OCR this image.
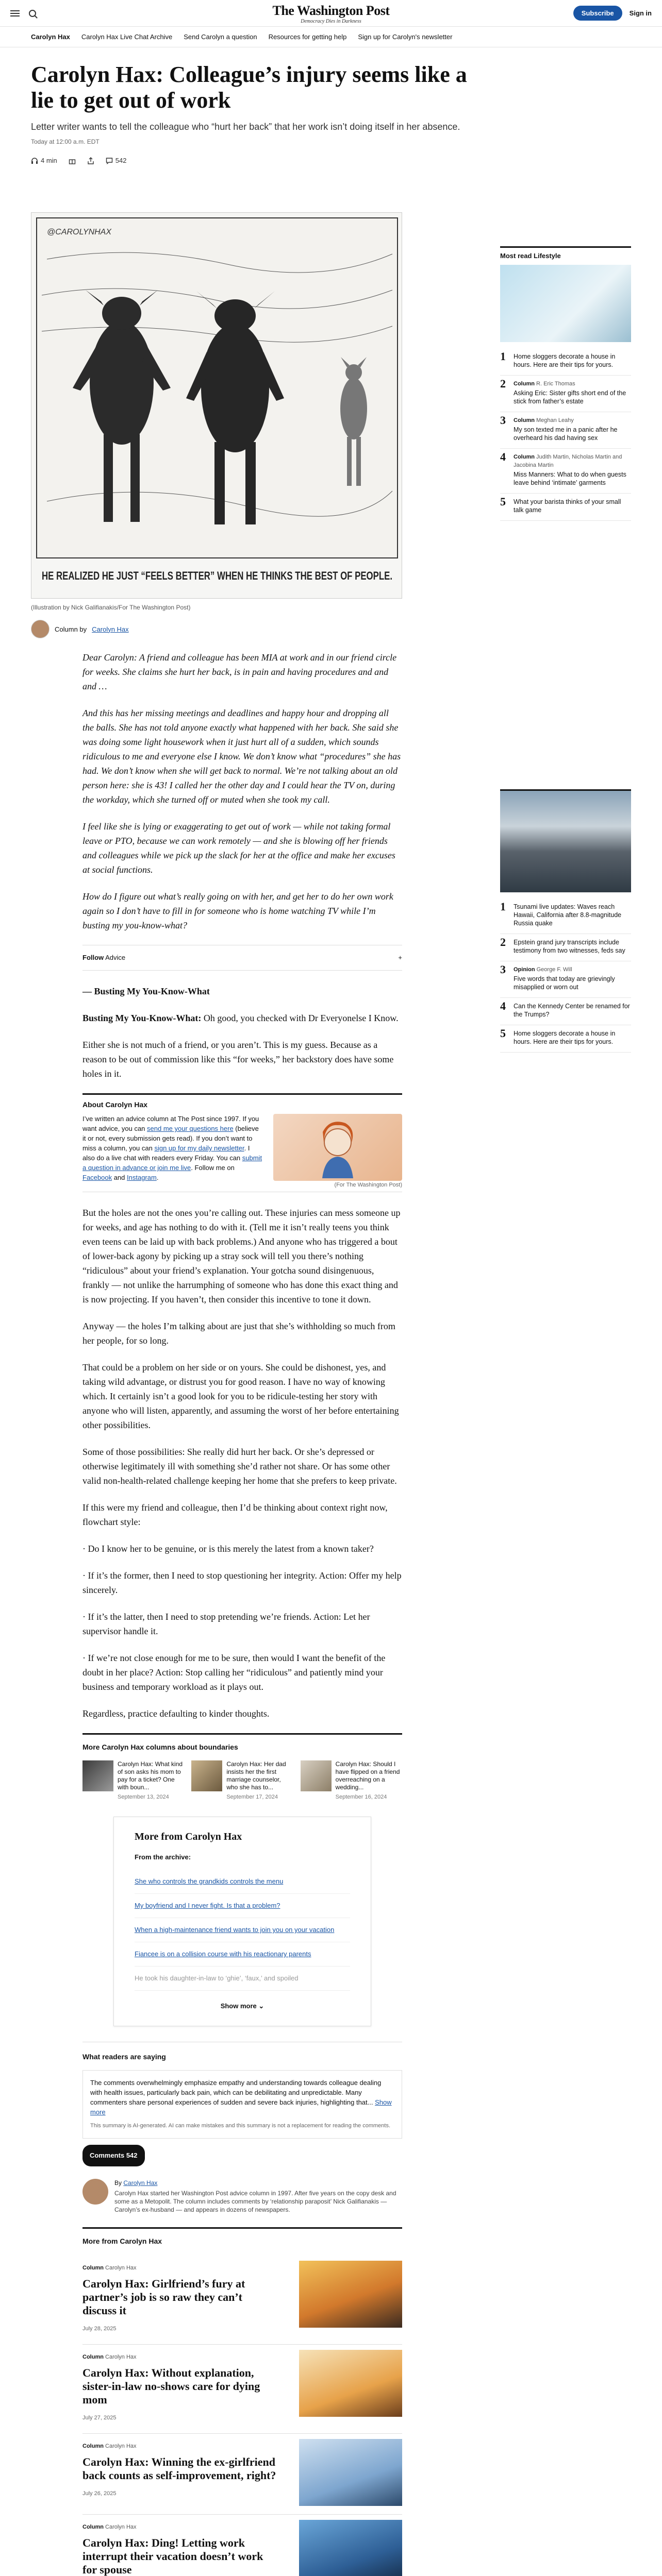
The Washington Post
Democracy Dies in Darkness
Subscribe	Sign in
Carolyn Hax Carolyn Hax Live Chat Archive Send Carolyn a question Resources for getting help Sign up for Carolyn's newsletter
Carolyn Hax: Colleague’s injury seems like a lie to get out of work
Letter writer wants to tell the colleague who “hurt her back” that her work isn’t doing itself in her absence.
Today at 12:00 a.m. EDT
4 min	542
@CAROLYNHAX
HE REALIZED HE JUST “FEELS BETTER” WHEN HE THINKS THE BEST OF PEOPLE.
(Illustration by Nick Galifianakis/For The Washington Post)
Column by Carolyn Hax

Dear Carolyn: A friend and colleague has been MIA at work and in our friend circle for weeks. She claims she hurt her back, is in pain and having procedures and and and …

And this has her missing meetings and deadlines and happy hour and dropping all the balls. She has not told anyone exactly what happened with her back. She said she was doing some light housework when it just hurt all of a sudden, which sounds ridiculous to me and everyone else I know. We don’t know what “procedures” she has had. We don’t know when she will get back to normal. We’re not talking about an old person here: she is 43! I called her the other day and I could hear the TV on, during the workday, which she turned off or muted when she took my call.

I feel like she is lying or exaggerating to get out of work — while not taking formal leave or PTO, because we can work remotely — and she is blowing off her friends and colleagues while we pick up the slack for her at the office and make her excuses at social functions.

How do I figure out what’s really going on with her, and get her to do her own work again so I don’t have to fill in for someone who is home watching TV while I’m busting my you-know-what?

Follow Advice	+
— Busting My You-Know-What

Busting My You-Know-What: Oh good, you checked with Dr Everyonelse I Know.

Either she is not much of a friend, or you aren’t. This is my guess. Because as a reason to be out of commission like this “for weeks,” her backstory does have some holes in it.

About Carolyn Hax
I’ve written an advice column at The Post since 1997. If you want advice, you can send me your questions here (believe it or not, every submission gets read). If you don’t want to miss a column, you can sign up for my daily newsletter. I also do a live chat with readers every Friday. You can submit a question in advance or join me live. Follow me on Facebook and Instagram.
(For The Washington Post)

But the holes are not the ones you’re calling out. These injuries can mess someone up for weeks, and age has nothing to do with it. (Tell me it isn’t really teens you think even teens can be laid up with back problems.) And anyone who has triggered a bout of lower-back agony by picking up a stray sock will tell you there’s nothing “ridiculous” about your friend’s explanation. Your gotcha sound disingenuous, frankly — not unlike the harrumphing of someone who has done this exact thing and is now projecting. If you haven’t, then consider this incentive to tone it down.

Anyway — the holes I’m talking about are just that she’s withholding so much from her people, for so long.

That could be a problem on her side or on yours. She could be dishonest, yes, and taking wild advantage, or distrust you for good reason. I have no way of knowing which. It certainly isn’t a good look for you to be ridicule-testing her story with anyone who will listen, apparently, and assuming the worst of her before entertaining other possibilities.

Some of those possibilities: She really did hurt her back. Or she’s depressed or otherwise legitimately ill with something she’d rather not share. Or has some other valid non-health-related challenge keeping her home that she prefers to keep private.

If this were my friend and colleague, then I’d be thinking about context right now, flowchart style:

· Do I know her to be genuine, or is this merely the latest from a known taker?

· If it’s the former, then I need to stop questioning her integrity. Action: Offer my help sincerely.

· If it’s the latter, then I need to stop pretending we’re friends. Action: Let her supervisor handle it.

· If we’re not close enough for me to be sure, then would I want the benefit of the doubt in her place? Action: Stop calling her “ridiculous” and patiently mind your business and temporary workload as it plays out.

Regardless, practice defaulting to kinder thoughts.

More Carolyn Hax columns about boundaries
Carolyn Hax: What kind of son asks his mom to pay for a ticket? One with boun...
September 13, 2024
Carolyn Hax: Her dad insists her the first marriage counselor, who she has to...
September 17, 2024
Carolyn Hax: Should I have flipped on a friend overreaching on a wedding...
September 16, 2024
More from Carolyn Hax
From the archive:
She who controls the grandkids controls the menu
My boyfriend and I never fight. Is that a problem?
When a high-maintenance friend wants to join you on your vacation
Fiancee is on a collision course with his reactionary parents
He took his daughter-in-law to ‘ghie’, ‘faux,’ and spoiled
Show more ⌄
What readers are saying
The comments overwhelmingly emphasize empathy and understanding towards colleague dealing with health issues, particularly back pain, which can be debilitating and unpredictable. Many commenters share personal experiences of sudden and severe back injuries, highlighting that... Show more
This summary is AI-generated. AI can make mistakes and this summary is not a replacement for reading the comments.
Comments 542
By Carolyn Hax
Carolyn Hax started her Washington Post advice column in 1997. After five years on the copy desk and some as a Metopolit. The column includes comments by ‘relationship paraposit’ Nick Galifianakis — Carolyn’s ex-husband — and appears in dozens of newspapers.
More from Carolyn Hax
Column Carolyn Hax
Carolyn Hax: Girlfriend’s fury at partner’s job is so raw they can’t discuss it
July 28, 2025
Column Carolyn Hax
Carolyn Hax: Without explanation, sister-in-law no-shows care for dying mom
July 27, 2025
Column Carolyn Hax
Carolyn Hax: Winning the ex-girlfriend back counts as self-improvement, right?
July 26, 2025
Column Carolyn Hax
Carolyn Hax: Ding! Letting work interrupt their vacation doesn’t work for spouse
Most read Lifestyle
1 Home sloggers decorate a house in hours. Here are their tips for yours.
2 Column R. Eric Thomas
Asking Eric: Sister gifts short end of the stick from father’s estate
3 Column Meghan Leahy
My son texted me in a panic after he overheard his dad having sex
4 Column Judith Martin, Nicholas Martin and Jacobina Martin
Miss Manners: What to do when guests leave behind ‘intimate’ garments
5 What your barista thinks of your small talk game
1 Tsunami live updates: Waves reach Hawaii, California after 8.8-magnitude Russia quake
2 Epstein grand jury transcripts include testimony from two witnesses, feds say
3 Opinion George F. Will
Five words that today are grievingly misapplied or worn out
4 Can the Kennedy Center be renamed for the Trumps?
5 Home sloggers decorate a house in hours. Here are their tips for yours.
